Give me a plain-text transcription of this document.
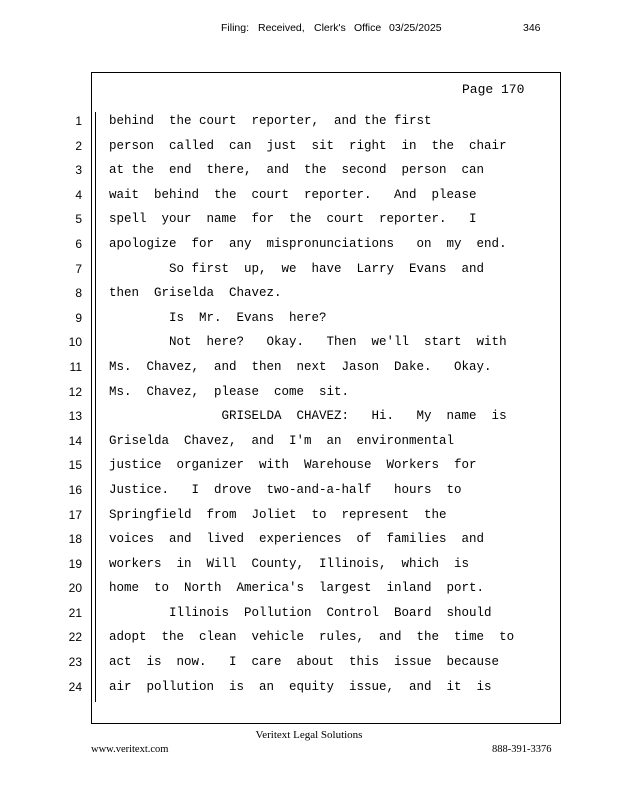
Filing: Received, Clerk's Office 03/25/2025	346
Page 170
1
2
3
4
5
6
7
8
9
10
11
12
13
14
15
16
17
18
19
20
21
22
23
24
behind  the court  reporter,  and the first
person  called  can  just  sit  right  in  the  chair
at the  end  there,  and  the  second  person  can
wait  behind  the  court  reporter.   And  please
spell  your  name  for  the  court  reporter.   I
apologize  for  any  mispronunciations   on  my  end.
So first  up,  we  have  Larry  Evans  and
then  Griselda  Chavez.
Is  Mr.  Evans  here?
Not  here?   Okay.   Then  we'll  start  with
Ms.  Chavez,  and  then  next  Jason  Dake.   Okay.
Ms.  Chavez,  please  come  sit.
GRISELDA  CHAVEZ:   Hi.   My  name  is
Griselda  Chavez,  and  I'm  an  environmental
justice  organizer  with  Warehouse  Workers  for
Justice.   I  drove  two-and-a-half   hours  to
Springfield  from  Joliet  to  represent  the
voices  and  lived  experiences  of  families  and
workers  in  Will  County,  Illinois,  which  is
home  to  North  America's  largest  inland  port.
Illinois  Pollution  Control  Board  should
adopt  the  clean  vehicle  rules,  and  the  time  to
act  is  now.   I  care  about  this  issue  because
air  pollution  is  an  equity  issue,  and  it  is
Veritext Legal Solutions
www.veritext.com	888-391-3376
